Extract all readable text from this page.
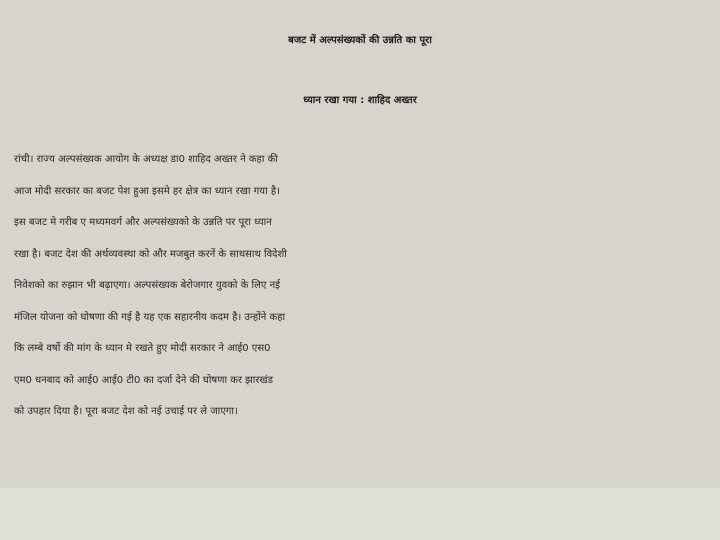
बजट में अल्पसंख्यकों की उन्नति का पूरा
ध्यान रखा गया : शाहिद अख्तर
रांची। राज्य अल्पसंख्यक आयोग के अध्यक्ष डा0 शाहिद अख्तर ने कहा की
आज मोदी सरकार का बजट पेश हुआ इसमे हर क्षेत्र का ध्यान रखा गया है।
इस बजट मे गरीब ए मध्यमवर्ग और अल्पसंख्यको के उन्नति पर पूरा ध्यान
रखा है। बजट देश की अर्थव्यवस्था को और मजबुत करनें के साथसाथ विदेशी
निवेशको का रुझान भी बढ़ाएगा। अल्पसंख्यक बेरोजगार युवको के लिए नई
मंजिल योजना को घोषणा की गई है यह एक सहारनीय कदम है। उन्होंने कहा
कि लम्बे वर्षो की मांग के ध्यान मे रखते हुए मोदी सरकार ने आई0 एस0
एम0 धनबाद को आई0 आई0 टी0 का दर्जा देने की घोषणा कर झारखंड
को उपहार दिया है। पूरा बजट देश को नई उचाई पर ले जाएगा।
